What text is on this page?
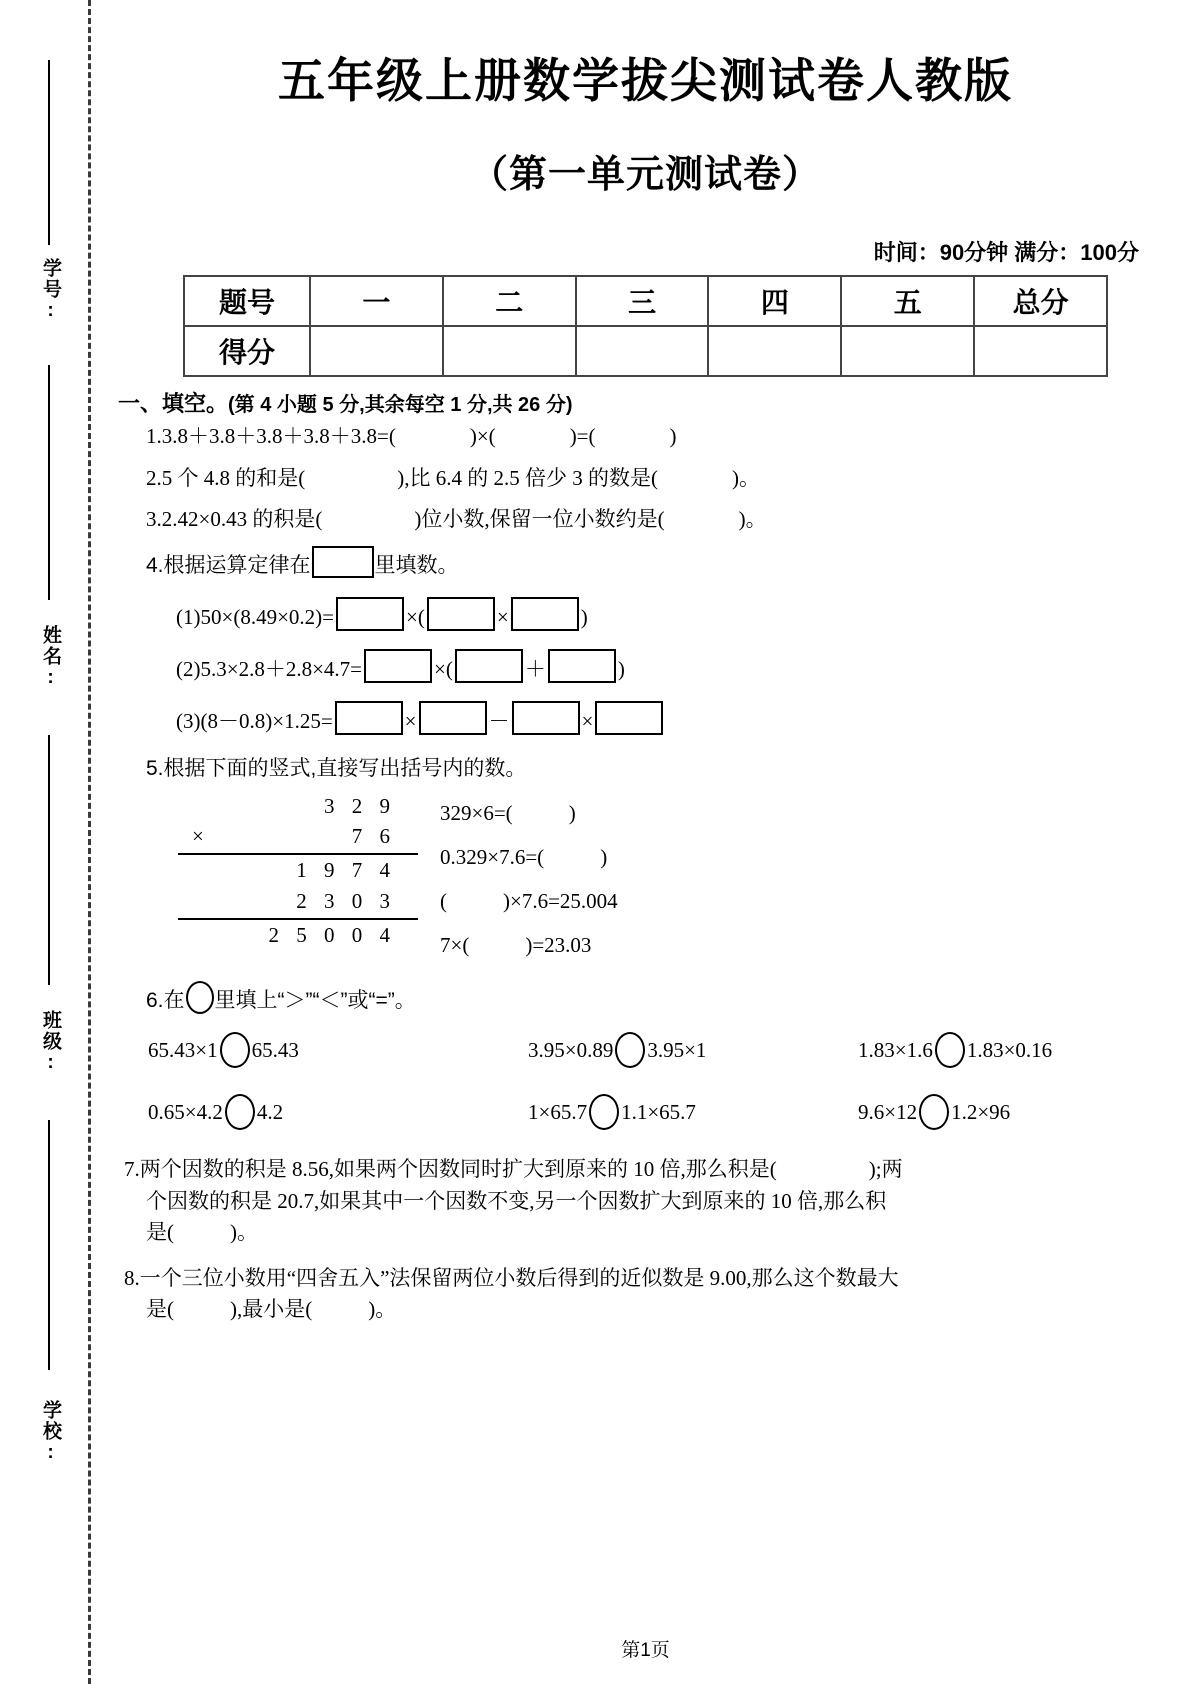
学号:
姓名:
班级:
学校:
五年级上册数学拔尖测试卷人教版
（第一单元测试卷）
时间：90分钟 满分：100分
题号	一	二	三	四	五	总分
得分						
一、填空。(第 4 小题 5 分,其余每空 1 分,共 26 分)
1.3.8＋3.8＋3.8＋3.8＋3.8=(	)×(	)=(	)
2.5 个 4.8 的和是(	),比 6.4 的 2.5 倍少 3 的数是(	)。
3.2.42×0.43 的积是(	)位小数,保留一位小数约是(	)。
4.根据运算定律在	里填数。
(1)50×(8.49×0.2)=	×(	×	)
(2)5.3×2.8＋2.8×4.7=	×(	＋	)
(3)(8－0.8)×1.25=	×	－	×
5.根据下面的竖式,直接写出括号内的数。
3 2 9
×	7 6
1 9 7 4
2 3 0 3
2 5 0 0 4
329×6=(	)
0.329×7.6=(	)
(	)×7.6=25.004
7×(	)=23.03
6.在 里填上“＞”“＜”或“=”。
65.43×1 65.43	3.95×0.89 3.95×1	1.83×1.6 1.83×0.16
0.65×4.2 4.2	1×65.7 1.1×65.7	9.6×12 1.2×96
7.两个因数的积是 8.56,如果两个因数同时扩大到原来的 10 倍,那么积是(	);两
个因数的积是 20.7,如果其中一个因数不变,另一个因数扩大到原来的 10 倍,那么积
是(	)。
8.一个三位小数用“四舍五入”法保留两位小数后得到的近似数是 9.00,那么这个数最大
是(	),最小是(	)。
第1页
